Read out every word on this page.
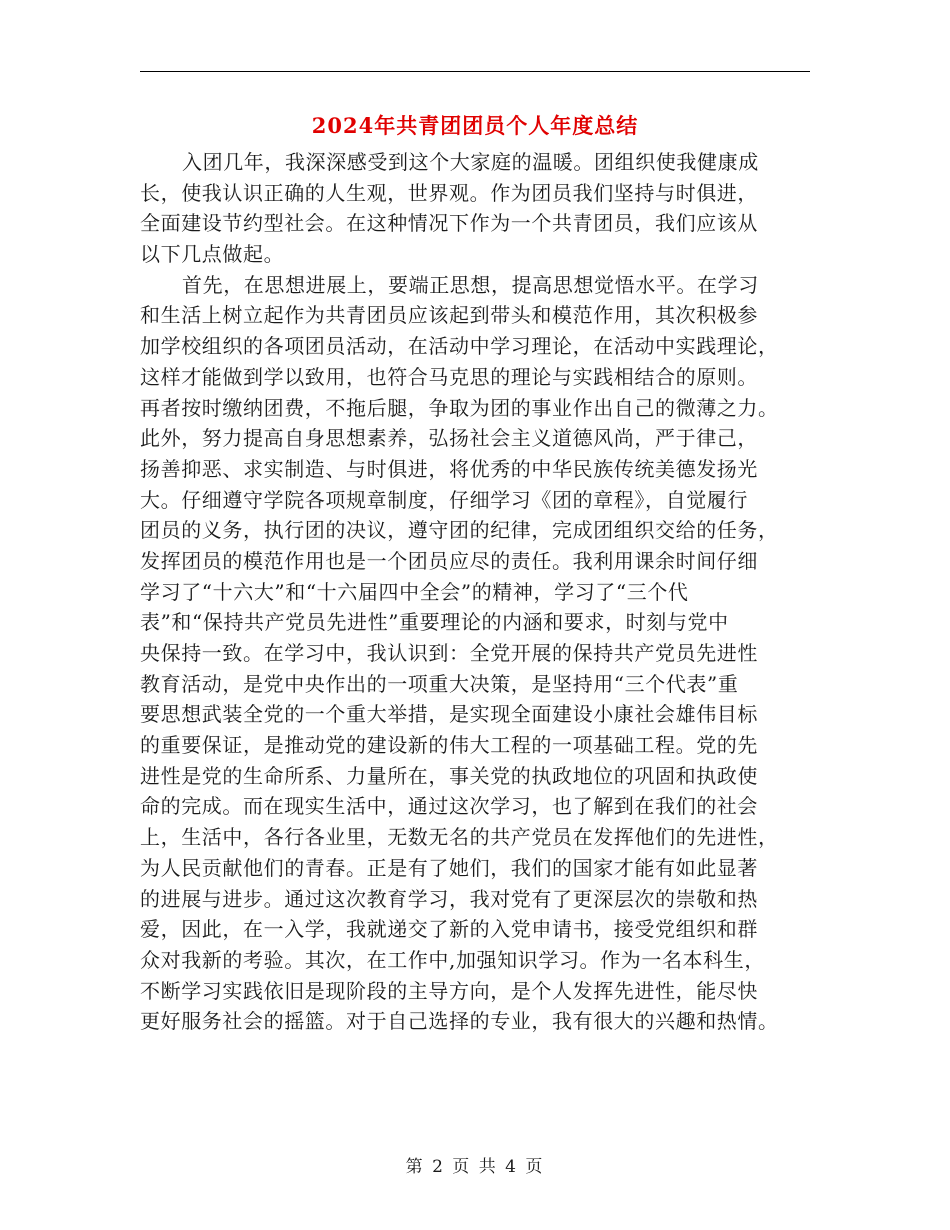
2024年共青团团员个人年度总结
入团几年，我深深感受到这个大家庭的温暖。团组织使我健康成
长，使我认识正确的人生观，世界观。作为团员我们坚持与时俱进，
全面建设节约型社会。在这种情况下作为一个共青团员，我们应该从
以下几点做起。
首先，在思想进展上，要端正思想，提高思想觉悟水平。在学习
和生活上树立起作为共青团员应该起到带头和模范作用，其次积极参
加学校组织的各项团员活动，在活动中学习理论，在活动中实践理论，
这样才能做到学以致用，也符合马克思的理论与实践相结合的原则。
再者按时缴纳团费，不拖后腿，争取为团的事业作出自己的微薄之力。
此外，努力提高自身思想素养，弘扬社会主义道德风尚，严于律己，
扬善抑恶、求实制造、与时俱进，将优秀的中华民族传统美德发扬光
大。仔细遵守学院各项规章制度，仔细学习《团的章程》，自觉履行
团员的义务，执行团的决议，遵守团的纪律，完成团组织交给的任务，
发挥团员的模范作用也是一个团员应尽的责任。我利用课余时间仔细
学习了“十六大”和“十六届四中全会”的精神，学习了“三个代
表”和“保持共产党员先进性”重要理论的内涵和要求，时刻与党中
央保持一致。在学习中，我认识到：全党开展的保持共产党员先进性
教育活动，是党中央作出的一项重大决策，是坚持用“三个代表”重
要思想武装全党的一个重大举措，是实现全面建设小康社会雄伟目标
的重要保证，是推动党的建设新的伟大工程的一项基础工程。党的先
进性是党的生命所系、力量所在，事关党的执政地位的巩固和执政使
命的完成。而在现实生活中，通过这次学习，也了解到在我们的社会
上，生活中，各行各业里，无数无名的共产党员在发挥他们的先进性，
为人民贡献他们的青春。正是有了她们，我们的国家才能有如此显著
的进展与进步。通过这次教育学习，我对党有了更深层次的崇敬和热
爱，因此，在一入学，我就递交了新的入党申请书，接受党组织和群
众对我新的考验。其次，在工作中,加强知识学习。作为一名本科生，
不断学习实践依旧是现阶段的主导方向，是个人发挥先进性，能尽快
更好服务社会的摇篮。对于自己选择的专业，我有很大的兴趣和热情。
第 2 页 共 4 页
